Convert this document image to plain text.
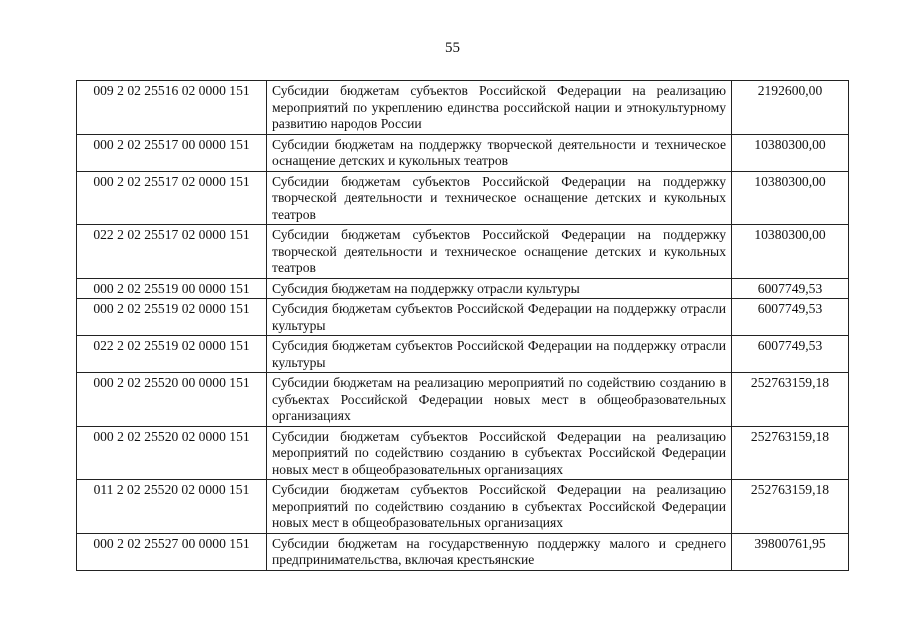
55
009 2 02 25516 02 0000 151	Субсидии бюджетам субъектов Российской Федерации на реализацию мероприятий по укреплению единства российской нации и этнокультурному развитию народов России	2192600,00
000 2 02 25517 00 0000 151	Субсидии бюджетам на поддержку творческой деятельности и техническое оснащение детских и кукольных театров	10380300,00
000 2 02 25517 02 0000 151	Субсидии бюджетам субъектов Российской Федерации на поддержку творческой деятельности и техническое оснащение детских и кукольных театров	10380300,00
022 2 02 25517 02 0000 151	Субсидии бюджетам субъектов Российской Федерации на поддержку творческой деятельности и техническое оснащение детских и кукольных театров	10380300,00
000 2 02 25519 00 0000 151	Субсидия бюджетам на поддержку отрасли культуры	6007749,53
000 2 02 25519 02 0000 151	Субсидия бюджетам субъектов Российской Федерации на поддержку отрасли культуры	6007749,53
022 2 02 25519 02 0000 151	Субсидия бюджетам субъектов Российской Федерации на поддержку отрасли культуры	6007749,53
000 2 02 25520 00 0000 151	Субсидии бюджетам на реализацию мероприятий по содействию созданию в субъектах Российской Федерации новых мест в общеобразовательных организациях	252763159,18
000 2 02 25520 02 0000 151	Субсидии бюджетам субъектов Российской Федерации на реализацию мероприятий по содействию созданию в субъектах Российской Федерации новых мест в общеобразовательных организациях	252763159,18
011 2 02 25520 02 0000 151	Субсидии бюджетам субъектов Российской Федерации на реализацию мероприятий по содействию созданию в субъектах Российской Федерации новых мест в общеобразовательных организациях	252763159,18
000 2 02 25527 00 0000 151	Субсидии бюджетам на государственную поддержку малого и среднего предпринимательства, включая крестьянские	39800761,95
